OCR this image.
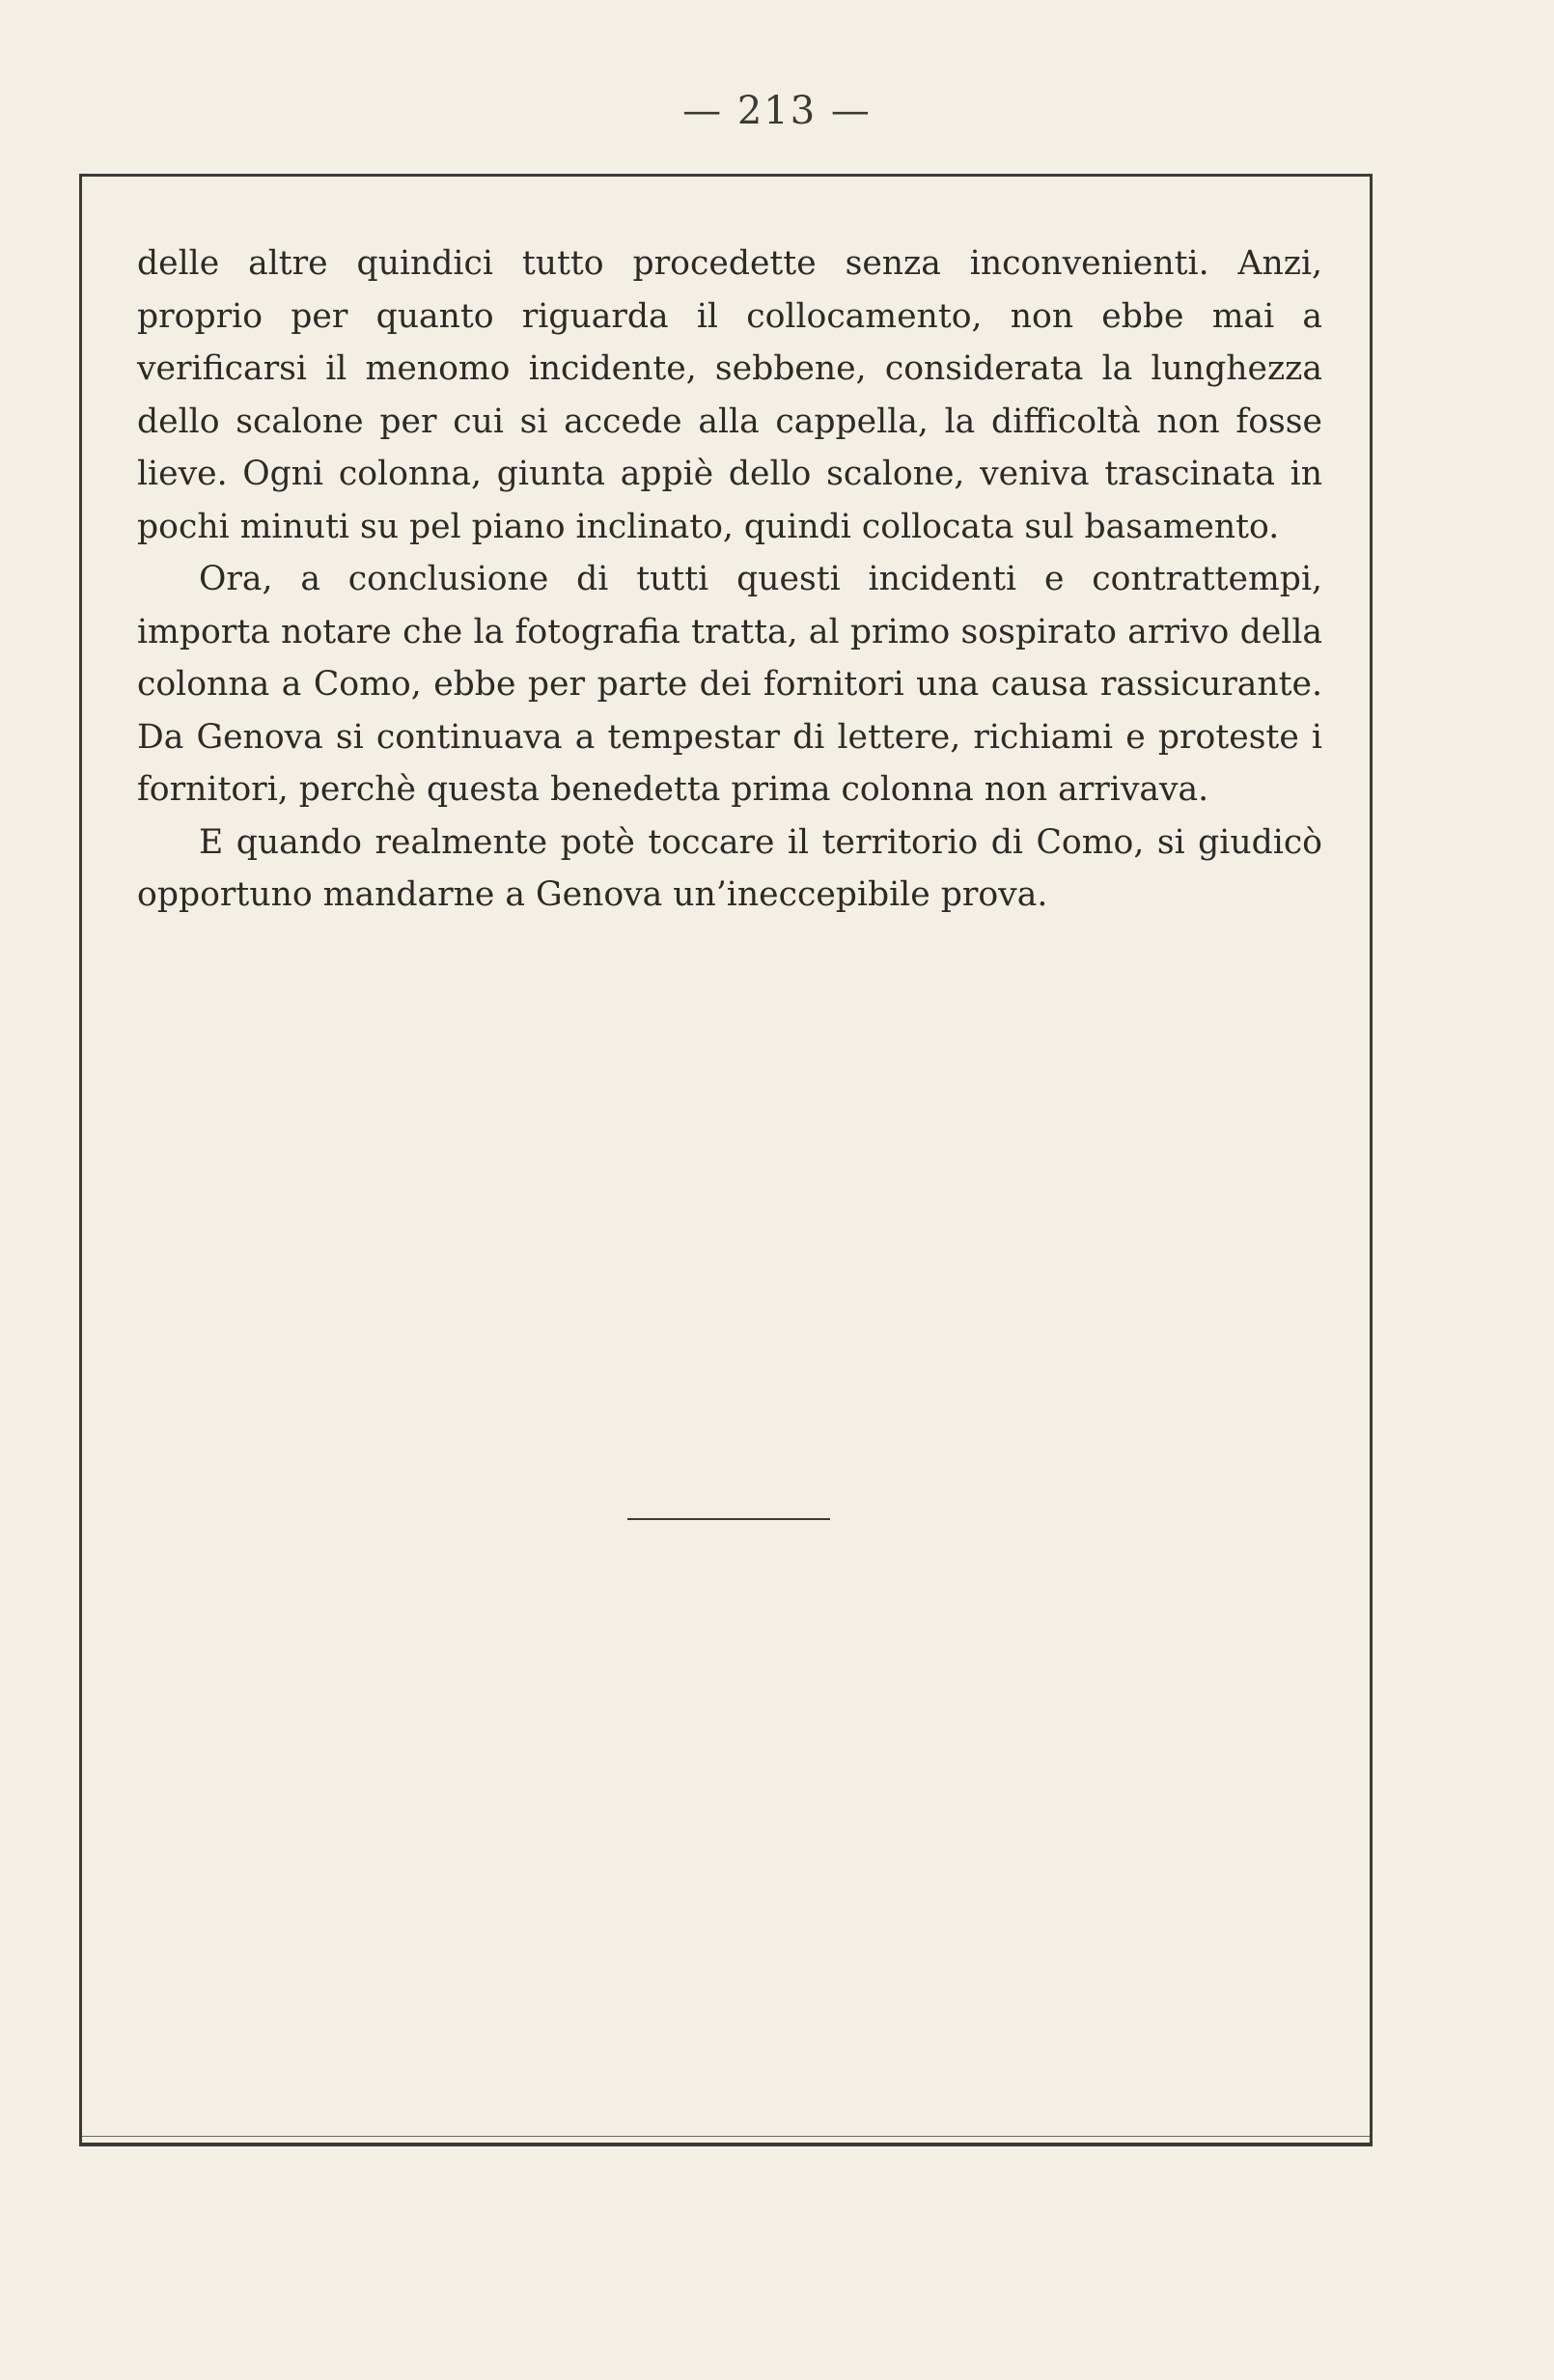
— 213 —

delle altre quindici tutto procedette senza inconvenienti. Anzi, proprio per quanto riguarda il collocamento, non ebbe mai a verificarsi il menomo incidente, sebbene, considerata la lunghezza dello scalone per cui si accede alla cappella, la difficoltà non fosse lieve. Ogni colonna, giunta appiè dello scalone, veniva trascinata in pochi minuti su pel piano inclinato, quindi collocata sul basamento.

Ora, a conclusione di tutti questi incidenti e contrattempi, importa notare che la fotografia tratta, al primo sospirato arrivo della colonna a Como, ebbe per parte dei fornitori una causa rassicurante. Da Genova si continuava a tempestar di lettere, richiami e proteste i fornitori, perchè questa benedetta prima colonna non arrivava.

E quando realmente potè toccare il territorio di Como, si giudicò opportuno mandarne a Genova un’ineccepibile prova.
